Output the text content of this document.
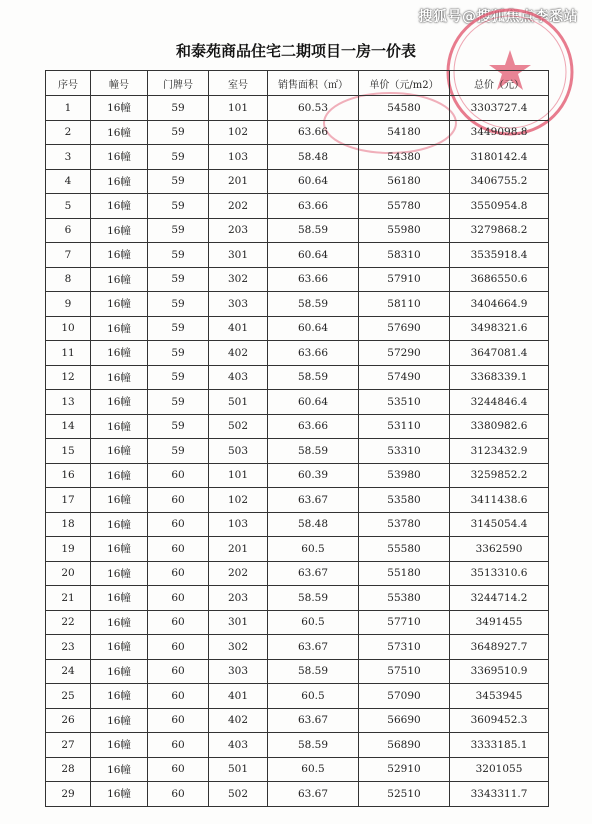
搜狐号@搜狐焦点李悉站
和泰苑商品住宅二期项目一房一价表
序号	幢号	门牌号	室号	销售面积（㎡）	单价（元/m2）	总价（元）
1	16幢	59	101	60.53	54580	3303727.4
2	16幢	59	102	63.66	54180	3449098.8
3	16幢	59	103	58.48	54380	3180142.4
4	16幢	59	201	60.64	56180	3406755.2
5	16幢	59	202	63.66	55780	3550954.8
6	16幢	59	203	58.59	55980	3279868.2
7	16幢	59	301	60.64	58310	3535918.4
8	16幢	59	302	63.66	57910	3686550.6
9	16幢	59	303	58.59	58110	3404664.9
10	16幢	59	401	60.64	57690	3498321.6
11	16幢	59	402	63.66	57290	3647081.4
12	16幢	59	403	58.59	57490	3368339.1
13	16幢	59	501	60.64	53510	3244846.4
14	16幢	59	502	63.66	53110	3380982.6
15	16幢	59	503	58.59	53310	3123432.9
16	16幢	60	101	60.39	53980	3259852.2
17	16幢	60	102	63.67	53580	3411438.6
18	16幢	60	103	58.48	53780	3145054.4
19	16幢	60	201	60.5	55580	3362590
20	16幢	60	202	63.67	55180	3513310.6
21	16幢	60	203	58.59	55380	3244714.2
22	16幢	60	301	60.5	57710	3491455
23	16幢	60	302	63.67	57310	3648927.7
24	16幢	60	303	58.59	57510	3369510.9
25	16幢	60	401	60.5	57090	3453945
26	16幢	60	402	63.67	56690	3609452.3
27	16幢	60	403	58.59	56890	3333185.1
28	16幢	60	501	60.5	52910	3201055
29	16幢	60	502	63.67	52510	3343311.7
